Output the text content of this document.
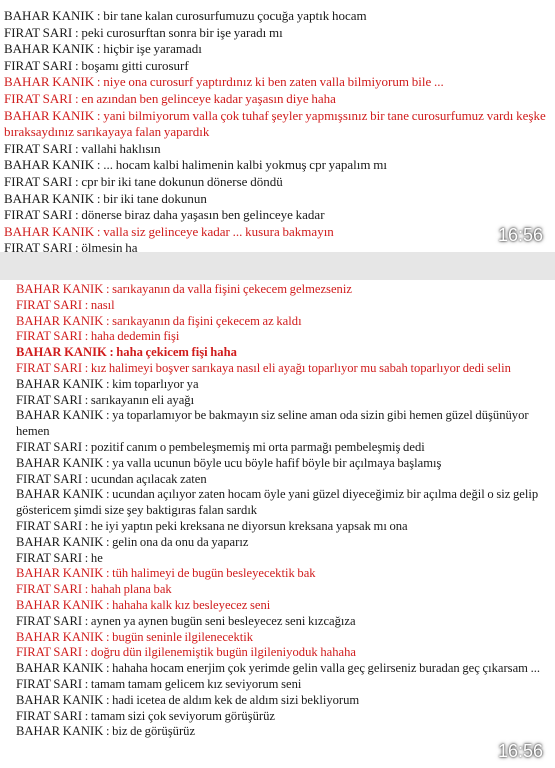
BAHAR KANIK : bir tane kalan curosurfumuzu çocuğa yaptık hocam
FIRAT SARI : peki curosurftan sonra bir işe yaradı mı
BAHAR KANIK : hiçbir işe yaramadı
FIRAT SARI : boşamı gitti curosurf
BAHAR KANIK : niye ona curosurf yaptırdınız ki ben zaten valla bilmiyorum bile ...
FIRAT SARI : en azından ben gelinceye kadar yaşasın diye haha
BAHAR KANIK : yani bilmiyorum valla çok tuhaf şeyler yapmışsınız bir tane curosurfumuz vardı keşke bıraksaydınız sarıkayaya falan yapardık
FIRAT SARI : vallahi haklısın
BAHAR KANIK : ... hocam kalbi halimenin kalbi yokmuş cpr yapalım mı
FIRAT SARI : cpr bir iki tane dokunun dönerse döndü
BAHAR KANIK : bir iki tane dokunun
FIRAT SARI : dönerse biraz daha yaşasın ben gelinceye kadar
BAHAR KANIK : valla siz gelinceye kadar ... kusura bakmayın
FIRAT SARI : ölmesin ha
16:56
BAHAR KANIK : sarıkayanın da valla fişini çekecem gelmezseniz
FIRAT SARI : nasıl
BAHAR KANIK : sarıkayanın da fişini çekecem az kaldı
FIRAT SARI : haha dedemin fişi
BAHAR KANIK : haha çekicem fişi haha
FIRAT SARI : kız halimeyi boşver sarıkaya nasıl eli ayağı toparlıyor mu sabah toparlıyor dedi selin
BAHAR KANIK : kim toparlıyor ya
FIRAT SARI : sarıkayanın eli ayağı
BAHAR KANIK : ya toparlamıyor be bakmayın siz seline aman oda sizin gibi hemen güzel düşünüyor hemen
FIRAT SARI : pozitif canım o pembeleşmemiş mi orta parmağı pembeleşmiş dedi
BAHAR KANIK : ya valla ucunun böyle ucu böyle hafif böyle bir açılmaya başlamış
FIRAT SARI : ucundan açılacak zaten
BAHAR KANIK : ucundan açılıyor zaten hocam öyle yani güzel diyeceğimiz bir açılma değil o siz gelip göstericem şimdi size şey baktigıras falan sardık
FIRAT SARI : he iyi yaptın peki kreksana ne diyorsun kreksana yapsak mı ona
BAHAR KANIK : gelin ona da onu da yaparız
FIRAT SARI : he
BAHAR KANIK : tüh halimeyi de bugün besleyecektik bak
FIRAT SARI : hahah plana bak
BAHAR KANIK : hahaha kalk kız besleyecez seni
FIRAT SARI : aynen ya aynen bugün seni besleyecez seni kızcağıza
BAHAR KANIK : bugün seninle ilgilenecektik
FIRAT SARI : doğru dün ilgilenemiştik bugün ilgileniyoduk hahaha
BAHAR KANIK : hahaha hocam enerjim çok yerimde gelin valla geç gelirseniz buradan geç çıkarsam ...
FIRAT SARI : tamam tamam gelicem kız seviyorum seni
BAHAR KANIK : hadi icetea de aldım kek de aldım sizi bekliyorum
FIRAT SARI : tamam sizi çok seviyorum görüşürüz
BAHAR KANIK : biz de görüşürüz
16:56
